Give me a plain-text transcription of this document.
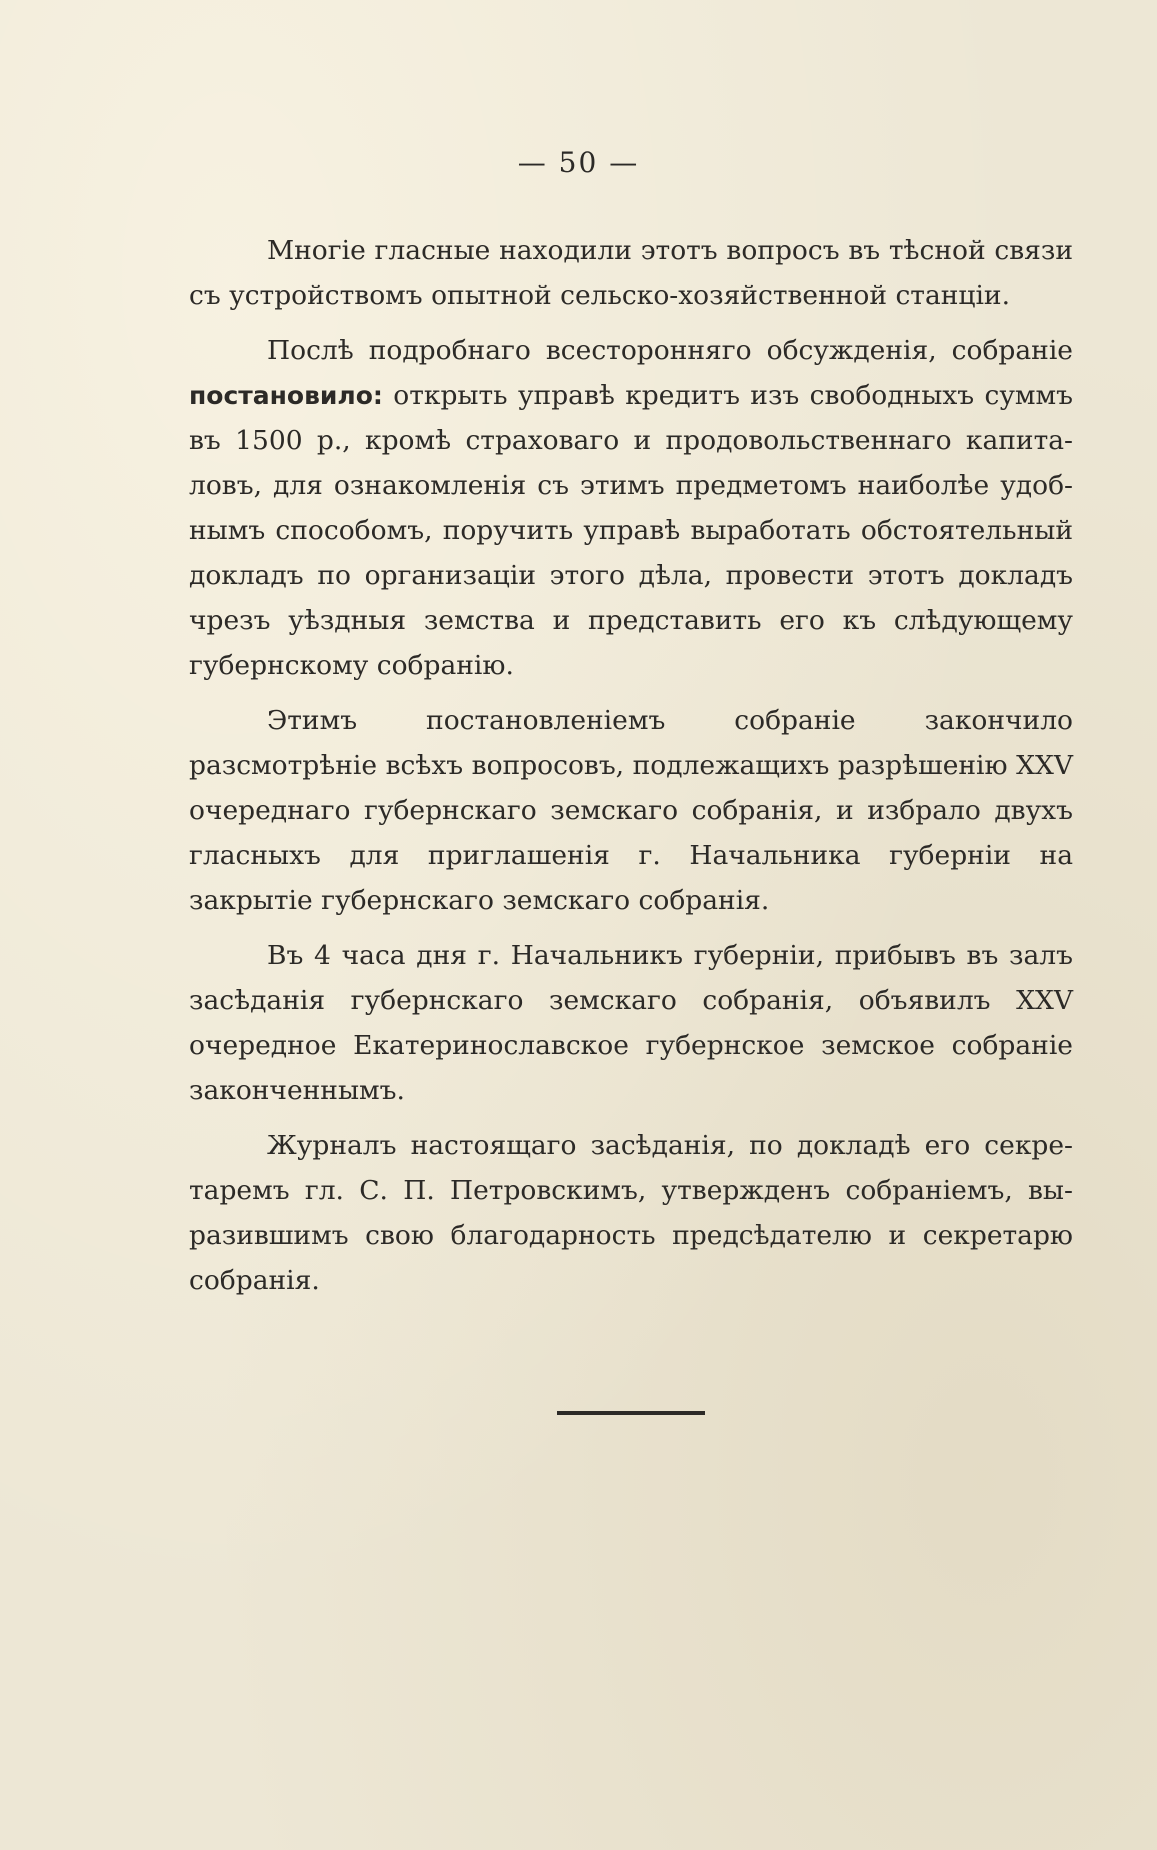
— 50 —

Многіе гласные находили этотъ вопросъ въ тѣсной связи съ устройствомъ опытной сельско-хозяйственной станціи.

Послѣ подробнаго всесторонняго обсужденія, собраніе постановило: открыть управѣ кредитъ изъ свободныхъ суммъ въ 1500 р., кромѣ страховаго и продовольственнаго капиталовъ, для ознакомленія съ этимъ предметомъ наиболѣе удобнымъ способомъ, поручить управѣ выработать обстоятельный докладъ по организаціи этого дѣла, провести этотъ докладъ чрезъ уѣздныя земства и представить его къ слѣдующему губернскому собранію.

Этимъ постановленіемъ собраніе закончило разсмотрѣніе всѣхъ вопросовъ, подлежащихъ разрѣшенію XXV очереднаго губернскаго земскаго собранія, и избрало двухъ гласныхъ для приглашенія г. Начальника губерніи на закрытіе губернскаго земскаго собранія.

Въ 4 часа дня г. Начальникъ губерніи, прибывъ въ залъ засѣданія губернскаго земскаго собранія, объявилъ XXV очередное Екатеринославское губернское земское собраніе законченнымъ.

Журналъ настоящаго засѣданія, по докладѣ его секретаремъ гл. С. П. Петровскимъ, утвержденъ собраніемъ, выразившимъ свою благодарность предсѣдателю и секретарю собранія.
